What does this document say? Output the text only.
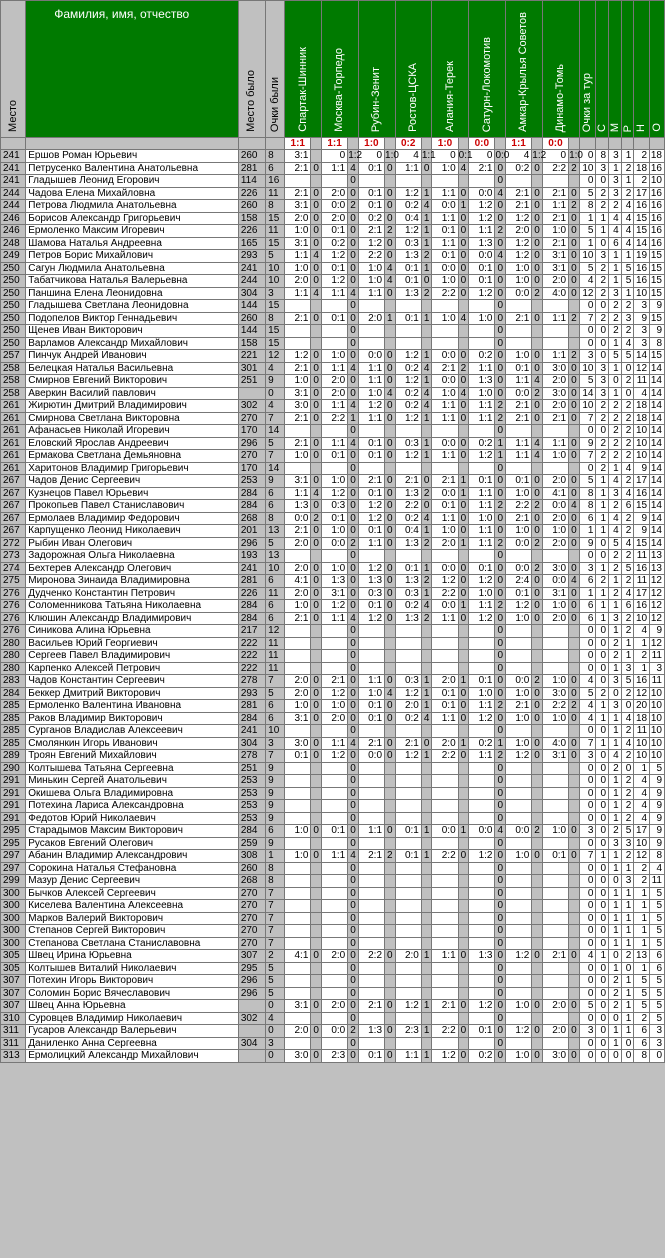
Место	Фамилия, имя, отчество	Место было	Очки были	Спартак-Шинник		Москва-Торпедо		Рубин-Зенит		Ростов-ЦСКА		Алания-Терек		Сатурн-Локомотив		Амкар-Крылья Советов		Динамо-Томь		Очки за тур	С	М	Р	Н	О
				1:1		1:1		1:0		0:2		1:0		0:0		1:1		0:0							
241	Ершов Роман Юрьевич	260	8	3:1		0	1:2	0	1:0	4	1:1	0	0:1	0	0:0	4	1:2	0	1:0	0	8	3	1	2	18
241	Петрусенко Валентина Анатольевна	281	6	2:1	0	1:1	4	0:1	0	1:1	0	1:0	4	2:1	0	0:2	0	2:2	2	10	3	1	2	18	16
241	Гладышев Леонид Егорович	114	16				0								0					0	0	3	1	2	10
244	Чадова Елена Михайловна	226	11	2:1	0	2:0	0	0:1	0	1:2	1	1:1	0	0:0	4	2:1	0	2:1	0	5	2	3	2	17	16
244	Петрова Людмила Анатольевна	260	8	3:1	0	0:0	2	0:1	0	0:2	4	0:0	1	1:2	0	2:1	0	1:1	2	8	2	2	4	16	16
246	Борисов Александр Григорьевич	158	15	2:0	0	2:0	0	0:2	0	0:4	1	1:1	0	1:2	0	1:2	0	2:1	0	1	1	4	4	15	16
246	Ермоленко Максим Игоревич	226	11	1:0	0	0:1	0	2:1	2	1:2	1	0:1	0	1:1	2	2:0	0	1:0	0	5	1	4	4	15	16
248	Шамова Наталья Андреевна	165	15	3:1	0	0:2	0	1:2	0	0:3	1	1:1	0	1:3	0	1:2	0	2:1	0	1	0	6	4	14	16
249	Петров Борис Михайлович	293	5	1:1	4	1:2	0	2:2	0	1:3	2	0:1	0	0:0	4	1:2	0	3:1	0	10	3	1	1	19	15
250	Сагун Людмила Анатольевна	241	10	1:0	0	0:1	0	1:0	4	0:1	1	0:0	0	0:1	0	1:0	0	3:1	0	5	2	1	5	16	15
250	Табатчикова Наталья Валерьевна	244	10	2:0	0	1:2	0	1:0	4	0:1	0	1:0	0	0:1	0	1:0	0	2:0	0	4	2	1	5	16	15
250	Паншина Елена Леонидовна	304	3	1:1	4	1:1	4	1:1	0	1:3	2	2:2	0	1:2	0	0:0	2	4:0	0	12	2	3	1	10	15
250	Гладышева Светлана Леонидовна	144	15				0								0					0	0	2	2	3	9
250	Подопелов Виктор Геннадьевич	260	8	2:1	0	0:1	0	2:0	1	0:1	1	1:0	4	1:0	0	2:1	0	1:1	2	7	2	2	3	9	15
250	Щенев Иван Викторович	144	15				0								0					0	0	2	2	3	9
250	Варламов Александр Михайлович	158	15				0								0					0	0	1	4	3	8
257	Пинчук Андрей Иванович	221	12	1:2	0	1:0	0	0:0	0	1:2	1	0:0	0	0:2	0	1:0	0	1:1	2	3	0	5	5	14	15
258	Белецкая Наталья Васильевна	301	4	2:1	0	1:1	4	1:1	0	0:2	4	2:1	2	1:1	0	0:1	0	3:0	0	10	3	1	0	12	14
258	Смирнов Евгений Викторович	251	9	1:0	0	2:0	0	1:1	0	1:2	1	0:0	0	1:3	0	1:1	4	2:0	0	5	3	0	2	11	14
258	Аверкин Василий павлович		0	3:1	0	2:0	0	1:0	4	0:2	4	1:0	4	1:0	0	0:0	2	3:0	0	14	3	1	0	4	14
261	Жирютин Дмитрий Владимирович	302	4	3:0	0	1:1	4	1:2	0	0:2	4	1:1	0	1:1	2	2:1	0	2:0	0	10	2	2	2	18	14
261	Смирнова Светлана Викторовна	270	7	2:1	0	2:2	1	1:1	0	1:2	1	1:1	0	1:1	2	2:1	0	2:1	0	7	2	2	2	18	14
261	Афанасьев Николай Игоревич	170	14				0								0					0	0	2	2	10	14
261	Еловский Ярослав Андреевич	296	5	2:1	0	1:1	4	0:1	0	0:3	1	0:0	0	0:2	1	1:1	4	1:1	0	9	2	2	2	10	14
261	Ермакова Светлана Демьяновна	270	7	1:0	0	0:1	0	0:1	0	1:2	1	1:1	0	1:2	1	1:1	4	1:0	0	7	2	2	2	10	14
261	Харитонов Владимир Григорьевич	170	14				0								0					0	2	1	4	9	14
267	Чадов Денис Сергеевич	253	9	3:1	0	1:0	0	2:1	0	2:1	0	2:1	1	0:1	0	0:1	0	2:0	0	5	1	4	2	17	14
267	Кузнецов Павел Юрьевич	284	6	1:1	4	1:2	0	0:1	0	1:3	2	0:0	1	1:1	0	1:0	0	4:1	0	8	1	3	4	16	14
267	Прокопьев Павел Станиславович	284	6	1:3	0	0:3	0	1:2	0	2:2	0	0:1	0	1:1	2	2:2	2	0:0	4	8	1	2	6	15	14
267	Ермолаев Владимир Федорович	268	8	0:0	2	0:1	0	1:2	0	0:2	4	1:1	0	1:0	0	2:1	0	2:0	0	6	1	4	2	9	14
267	Карпущенко Леонид Николаевич	201	13	2:1	0	1:0	0	0:1	0	0:4	1	1:0	0	1:1	0	1:0	0	1:0	0	1	1	4	2	9	14
272	Рыбин Иван Олегович	296	5	2:0	0	0:0	2	1:1	0	1:3	2	2:0	1	1:1	2	0:0	2	2:0	0	9	0	5	4	15	14
273	Задорожная Ольга Николаевна	193	13				0								0					0	0	2	2	11	13
274	Бехтерев Александр Олегович	241	10	2:0	0	1:0	0	1:2	0	0:1	1	0:0	0	0:1	0	0:0	2	3:0	0	3	1	2	5	16	13
275	Миронова Зинаида Владимировна	281	6	4:1	0	1:3	0	1:3	0	1:3	2	1:2	0	1:2	0	2:4	0	0:0	4	6	2	1	2	11	12
276	Дудченко Константин Петрович	226	11	2:0	0	3:1	0	0:3	0	0:3	1	2:2	0	1:0	0	0:1	0	3:1	0	1	1	2	4	17	12
276	Соломенникова Татьяна Николаевна	284	6	1:0	0	1:2	0	0:1	0	0:2	4	0:0	1	1:1	2	1:2	0	1:0	0	6	1	1	6	16	12
276	Клюшин Александр Владимирович	284	6	2:1	0	1:1	4	1:2	0	1:3	2	1:1	0	1:2	0	1:0	0	2:0	0	6	1	3	2	10	12
276	Синикова Алина Юрьевна	217	12				0								0					0	0	1	2	4	9
280	Васильев Юрий Георгиевич	222	11				0								0					0	0	2	1	1	12
280	Сергеев Павел Владимирович	222	11				0								0					0	0	2	1	2	11
280	Карпенко Алексей Петрович	222	11				0								0					0	0	1	3	1	3
283	Чадов Константин Сергеевич	278	7	2:0	0	2:1	0	1:1	0	0:3	1	2:0	1	0:1	0	0:0	2	1:0	0	4	0	3	5	16	11
284	Беккер Дмитрий Викторович	293	5	2:0	0	1:2	0	1:0	4	1:2	1	0:1	0	1:0	0	1:0	0	3:0	0	5	2	0	2	12	10
285	Ермоленко Валентина Ивановна	281	6	1:0	0	1:0	0	0:1	0	2:0	1	0:1	0	1:1	2	2:1	0	2:2	2	4	1	3	0	20	10
285	Раков Владимир Викторович	284	6	3:1	0	2:0	0	0:1	0	0:2	4	1:1	0	1:2	0	1:0	0	1:0	0	4	1	1	4	18	10
285	Сурганов Владислав Алексеевич	241	10				0								0					0	0	1	2	11	10
285	Смолянкин Игорь Иванович	304	3	3:0	0	1:1	4	2:1	0	2:1	0	2:0	1	0:2	1	1:0	0	4:0	0	7	1	1	4	10	10
289	Троян Евгений Михайлович	278	7	0:1	0	1:2	0	0:0	0	1:2	1	2:2	0	1:1	2	1:2	0	3:1	0	3	0	4	2	10	10
290	Колтышева Татьяна Сергеевна	251	9				0								0					0	0	2	0	1	5
291	Минькин Сергей Анатольевич	253	9				0								0					0	0	1	2	4	9
291	Окишева Ольга Владимировна	253	9				0								0					0	0	1	2	4	9
291	Потехина Лариса Александровна	253	9				0								0					0	0	1	2	4	9
291	Федотов Юрий Николаевич	253	9				0								0					0	0	1	2	4	9
295	Старадымов Максим Викторович	284	6	1:0	0	0:1	0	1:1	0	0:1	1	0:0	1	0:0	4	0:0	2	1:0	0	3	0	2	5	17	9
295	Русаков Евгений Олегович	259	9				0								0					0	0	3	3	10	9
297	Абанин Владимир Александрович	308	1	1:0	0	1:1	4	2:1	2	0:1	1	2:2	0	1:2	0	1:0	0	0:1	0	7	1	1	2	12	8
297	Сорокина Наталья Стефановна	260	8				0								0					0	0	1	1	2	4
299	Мазур Денис Сергеевич	268	8				0								0					0	0	0	3	2	11
300	Бычков Алексей Сергеевич	270	7				0								0					0	0	1	1	1	5
300	Киселева Валентина Алексеевна	270	7				0								0					0	0	1	1	1	5
300	Марков Валерий Викторович	270	7				0								0					0	0	1	1	1	5
300	Степанов Сергей Викторович	270	7				0								0					0	0	1	1	1	5
300	Степанова Светлана Станиславовна	270	7				0								0					0	0	1	1	1	5
305	Швец Ирина Юрьевна	307	2	4:1	0	2:0	0	2:2	0	2:0	1	1:1	0	1:3	0	1:2	0	2:1	0	4	1	0	2	13	6
305	Колтышев Виталий Николаевич	295	5				0								0					0	0	1	0	1	6
307	Потехин Игорь Викторович	296	5				0								0					0	0	2	1	5	5
307	Соломин Борис Вячеславович	296	5				0								0					0	0	2	1	5	5
307	Швец Анна Юрьевна		0	3:1	0	2:0	0	2:1	0	1:2	1	2:1	0	1:2	0	1:0	0	2:0	0	5	0	2	1	5	5
310	Суровцев Владимир Николаевич	302	4				0								0					0	0	0	1	2	5
311	Гусаров Александр Валерьевич		0	2:0	0	0:0	2	1:3	0	2:3	1	2:2	0	0:1	0	1:2	0	2:0	0	3	0	1	1	6	3
311	Даниленко Анна Сергеевна	304	3				0								0					0	0	1	0	6	3
313	Ермолицкий Александр Михайлович		0	3:0	0	2:3	0	0:1	0	1:1	1	1:2	0	0:2	0	1:0	0	3:0	0	0	0	0	0	8	0
